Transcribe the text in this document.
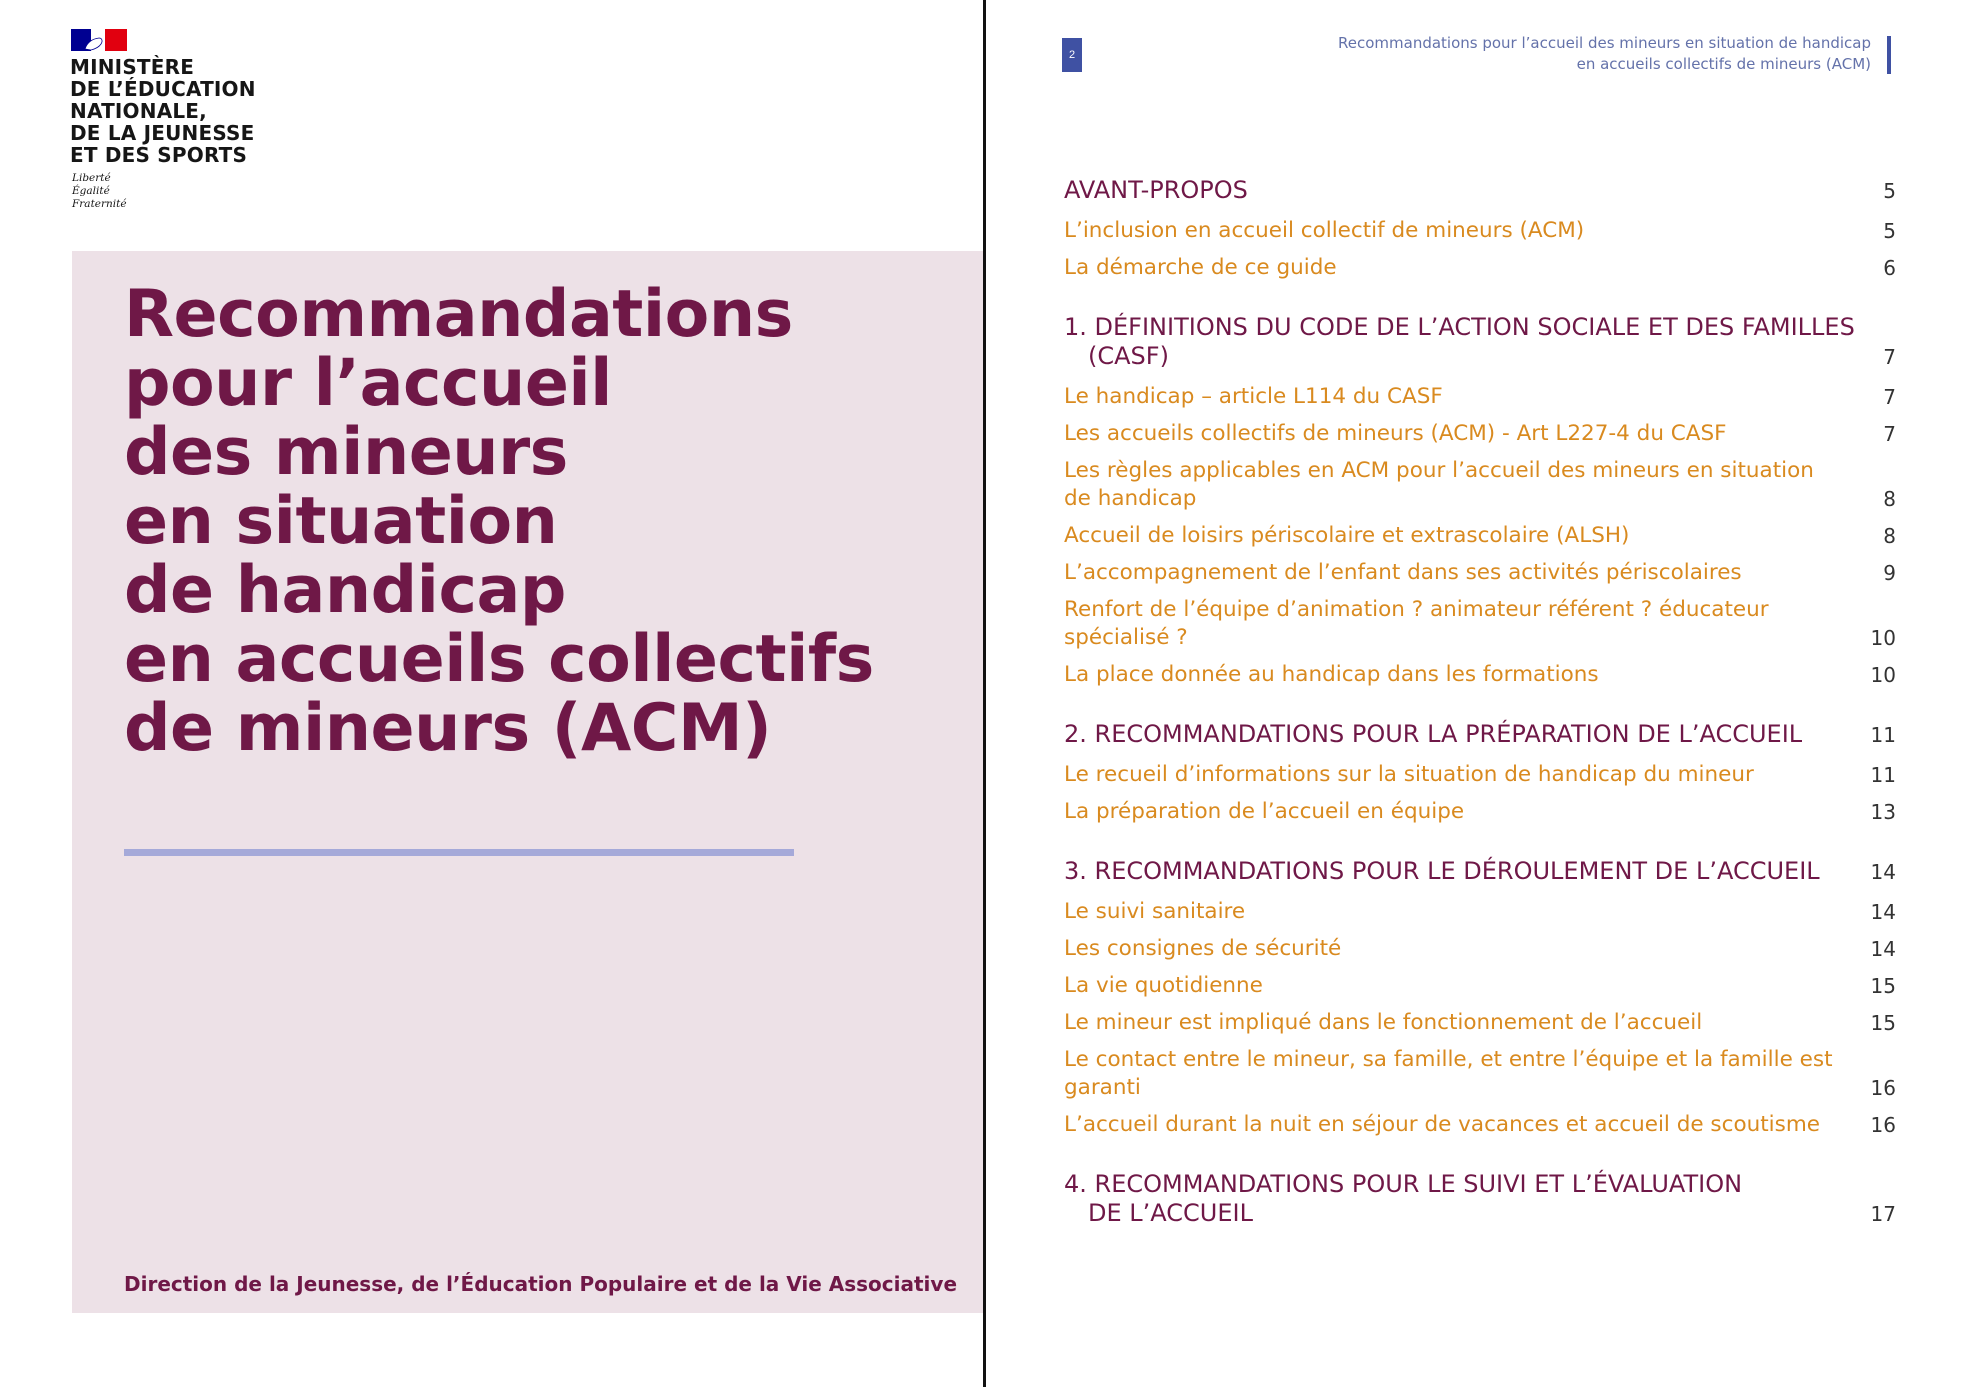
MINISTÈRE
DE L’ÉDUCATION
NATIONALE,
DE LA JEUNESSE
ET DES SPORTS
Liberté
Égalité
Fraternité
Recommandations
pour l’accueil
des mineurs
en situation
de handicap
en accueils collectifs
de mineurs (ACM)

Direction de la Jeunesse, de l’Éducation Populaire et de la Vie Associative

2
Recommandations pour l’accueil des mineurs en situation de handicap
en accueils collectifs de mineurs (ACM)
AVANT-PROPOS	5
L’inclusion en accueil collectif de mineurs (ACM)	5
La démarche de ce guide	6
1. DÉFINITIONS DU CODE DE L’ACTION SOCIALE ET DES FAMILLES
(CASF)	7
Le handicap – article L114 du CASF	7
Les accueils collectifs de mineurs (ACM) - Art L227-4 du CASF	7
Les règles applicables en ACM pour l’accueil des mineurs en situation
de handicap	8
Accueil de loisirs périscolaire et extrascolaire (ALSH)	8
L’accompagnement de l’enfant dans ses activités périscolaires	9
Renfort de l’équipe d’animation ? animateur référent ? éducateur
spécialisé ?	10
La place donnée au handicap dans les formations	10
2. RECOMMANDATIONS POUR LA PRÉPARATION DE L’ACCUEIL	11
Le recueil d’informations sur la situation de handicap du mineur	11
La préparation de l’accueil en équipe	13
3. RECOMMANDATIONS POUR LE DÉROULEMENT DE L’ACCUEIL	14
Le suivi sanitaire	14
Les consignes de sécurité	14
La vie quotidienne	15
Le mineur est impliqué dans le fonctionnement de l’accueil	15
Le contact entre le mineur, sa famille, et entre l’équipe et la famille est
garanti	16
L’accueil durant la nuit en séjour de vacances et accueil de scoutisme	16
4. RECOMMANDATIONS POUR LE SUIVI ET L’ÉVALUATION
DE L’ACCUEIL	17
